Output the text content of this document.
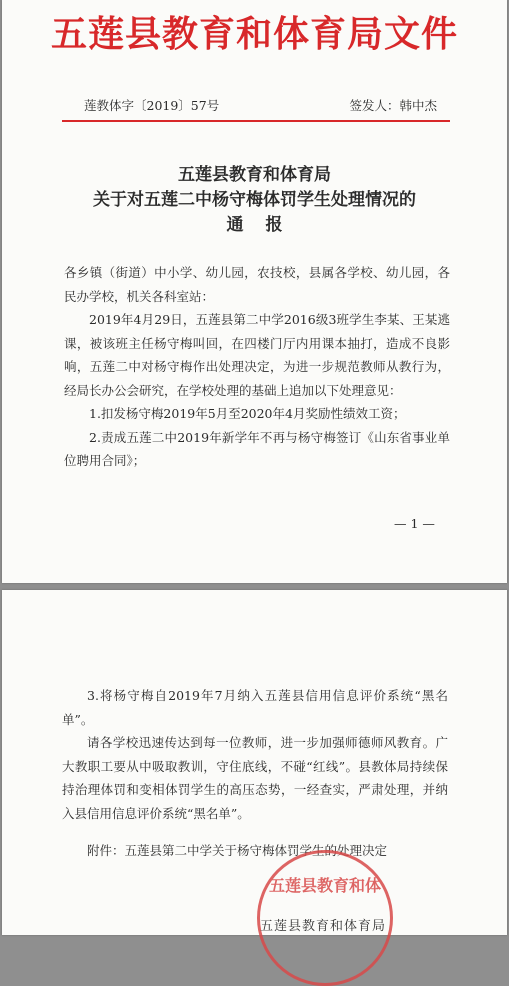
五莲县教育和体育局文件
莲教体字〔2019〕57号	签发人：韩中杰
五莲县教育和体育局
关于对五莲二中杨守梅体罚学生处理情况的
通报

各乡镇（街道）中小学、幼儿园，农技校，县属各学校、幼儿园，各民办学校，机关各科室站：

2019年4月29日，五莲县第二中学2016级3班学生李某、王某逃课，被该班主任杨守梅叫回，在四楼门厅内用课本抽打，造成不良影响，五莲二中对杨守梅作出处理决定，为进一步规范教师从教行为，经局长办公会研究，在学校处理的基础上追加以下处理意见：

1.扣发杨守梅2019年5月至2020年4月奖励性绩效工资；

2.责成五莲二中2019年新学年不再与杨守梅签订《山东省事业单位聘用合同》；

— 1 —

3.将杨守梅自2019年7月纳入五莲县信用信息评价系统“黑名单”。

请各学校迅速传达到每一位教师，进一步加强师德师风教育。广大教职工要从中吸取教训，守住底线，不碰“红线”。县教体局持续保持治理体罚和变相体罚学生的高压态势，一经查实，严肃处理，并纳入县信用信息评价系统“黑名单”。

附件：五莲县第二中学关于杨守梅体罚学生的处理决定

五莲县教育和体
五莲县教育和体育局
